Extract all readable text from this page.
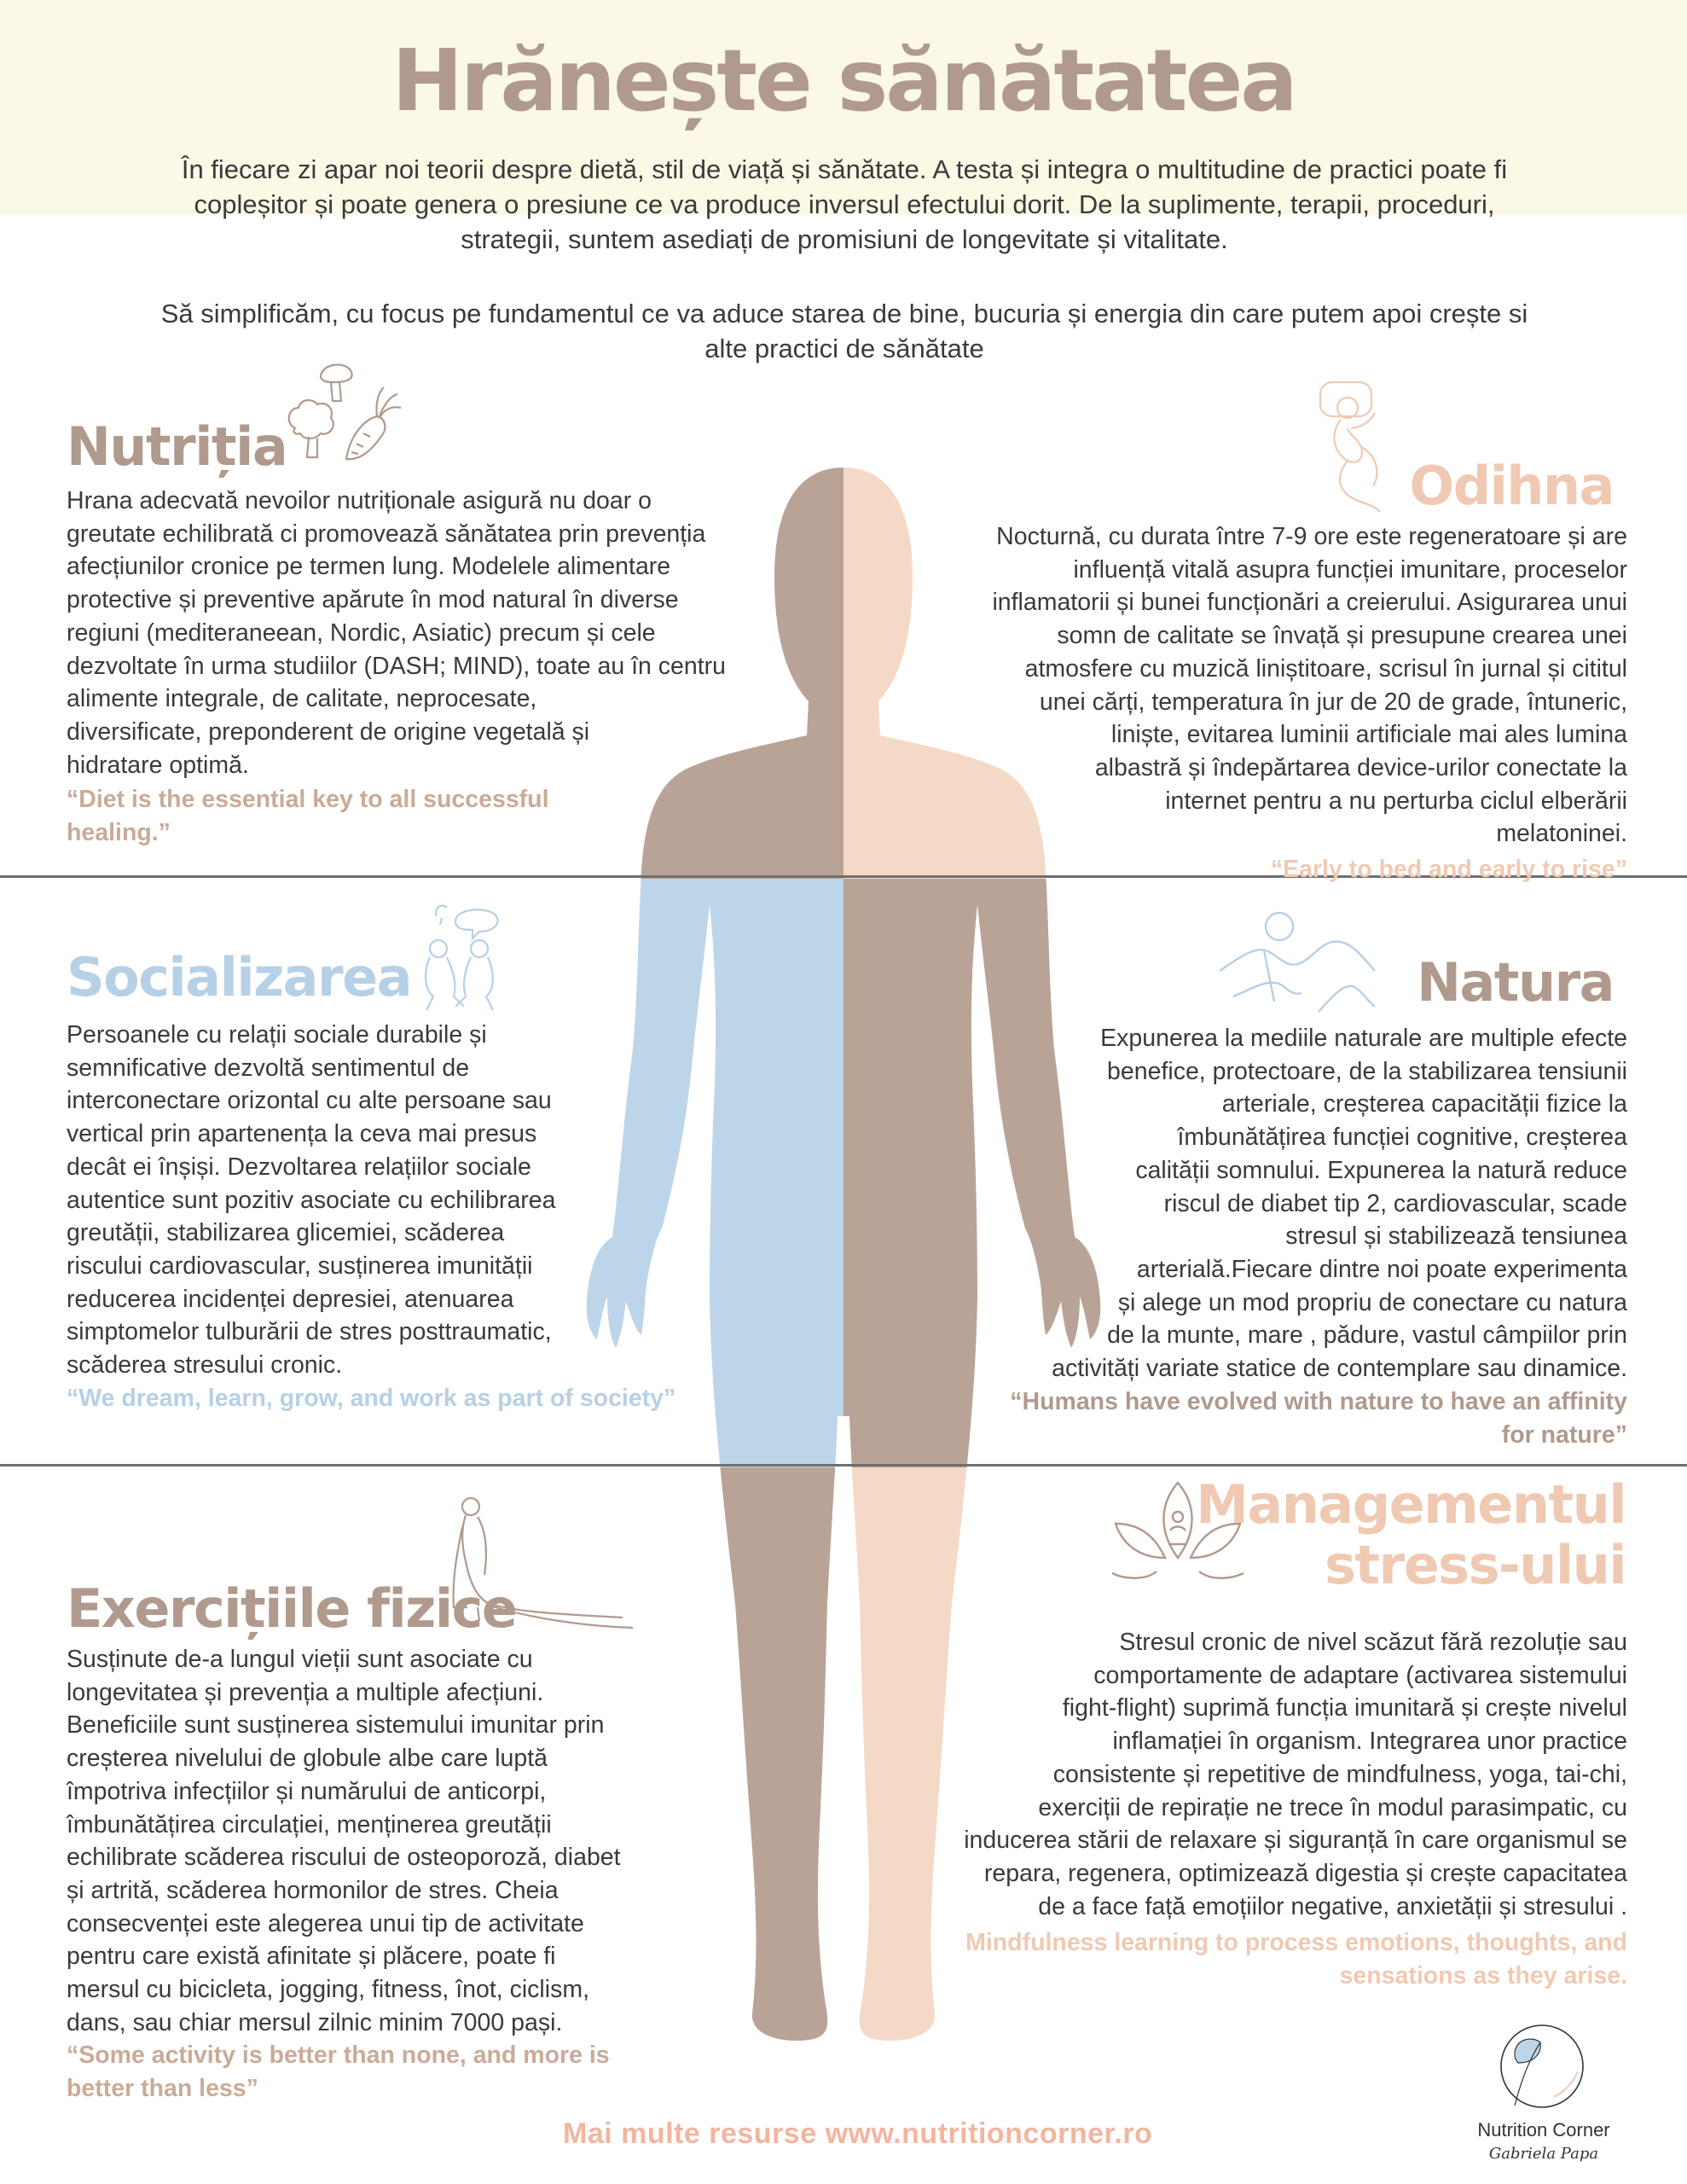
Hrănește sănătatea
În fiecare zi apar noi teorii despre dietă, stil de viață și sănătate. A testa și integra o multitudine de practici poate fi
copleșitor și poate genera o presiune ce va produce inversul efectului dorit. De la suplimente, terapii, proceduri,
strategii, suntem asediați de promisiuni de longevitate și vitalitate.
Să simplificăm, cu focus pe fundamentul ce va aduce starea de bine, bucuria și energia din care putem apoi crește si
alte practici de sănătate
Nutriția
Hrana adecvată nevoilor nutriționale asigură nu doar o
greutate echilibrată ci promovează sănătatea prin prevenția
afecțiunilor cronice pe termen lung. Modelele alimentare
protective și preventive apărute în mod natural în diverse
regiuni (mediteraneean, Nordic, Asiatic) precum și cele
dezvoltate în urma studiilor (DASH; MIND), toate au în centru
alimente integrale, de calitate, neprocesate,
diversificate, preponderent de origine vegetală și
hidratare optimă.
“Diet is the essential key to all successful
healing.”
Odihna
Nocturnă, cu durata între 7-9 ore este regeneratoare și are
influență vitală asupra funcției imunitare, proceselor
inflamatorii și bunei funcționări a creierului. Asigurarea unui
somn de calitate se învață și presupune crearea unei
atmosfere cu muzică liniștitoare, scrisul în jurnal și cititul
unei cărți, temperatura în jur de 20 de grade, întuneric,
liniște, evitarea luminii artificiale mai ales lumina
albastră și îndepărtarea device-urilor conectate la
internet pentru a nu perturba ciclul elberării
melatoninei.
“Early to bed and early to rise”
Socializarea
Persoanele cu relații sociale durabile și
semnificative dezvoltă sentimentul de
interconectare orizontal cu alte persoane sau
vertical prin apartenența la ceva mai presus
decât ei înșiși. Dezvoltarea relațiilor sociale
autentice sunt pozitiv asociate cu echilibrarea
greutății, stabilizarea glicemiei, scăderea
riscului cardiovascular, susținerea imunității
reducerea incidenței depresiei, atenuarea
simptomelor tulburării de stres posttraumatic,
scăderea stresului cronic.
“We dream, learn, grow, and work as part of society”
Natura
Expunerea la mediile naturale are multiple efecte
benefice, protectoare, de la stabilizarea tensiunii
arteriale, creșterea capacității fizice la
îmbunătățirea funcției cognitive, creșterea
calității somnului. Expunerea la natură reduce
riscul de diabet tip 2, cardiovascular, scade
stresul și stabilizează tensiunea
arterială.Fiecare dintre noi poate experimenta
și alege un mod propriu de conectare cu natura
de la munte, mare , pădure, vastul câmpiilor prin
activități variate statice de contemplare sau dinamice.
“Humans have evolved with nature to have an affinity
for nature”
Exercițiile fizice
Susținute de-a lungul vieții sunt asociate cu
longevitatea și prevenția a multiple afecțiuni.
Beneficiile sunt susținerea sistemului imunitar prin
creșterea nivelului de globule albe care luptă
împotriva infecțiilor și numărului de anticorpi,
îmbunătățirea circulației, menținerea greutății
echilibrate scăderea riscului de osteoporoză, diabet
și artrită, scăderea hormonilor de stres. Cheia
consecvenței este alegerea unui tip de activitate
pentru care există afinitate și plăcere, poate fi
mersul cu bicicleta, jogging, fitness, înot, ciclism,
dans, sau chiar mersul zilnic minim 7000 pași.
“Some activity is better than none, and more is
better than less”
Managementul
stress-ului
Stresul cronic de nivel scăzut fără rezoluție sau
comportamente de adaptare (activarea sistemului
fight-flight) suprimă funcția imunitară și crește nivelul
inflamației în organism. Integrarea unor practice
consistente și repetitive de mindfulness, yoga, tai-chi,
exerciții de repirație ne trece în modul parasimpatic, cu
inducerea stării de relaxare și siguranță în care organismul se
repara, regenera, optimizează digestia și crește capacitatea
de a face față emoțiilor negative, anxietății și stresului .
Mindfulness learning to process emotions, thoughts, and
sensations as they arise.
Mai multe resurse www.nutritioncorner.ro	Nutrition Corner
Gabriela Papa
